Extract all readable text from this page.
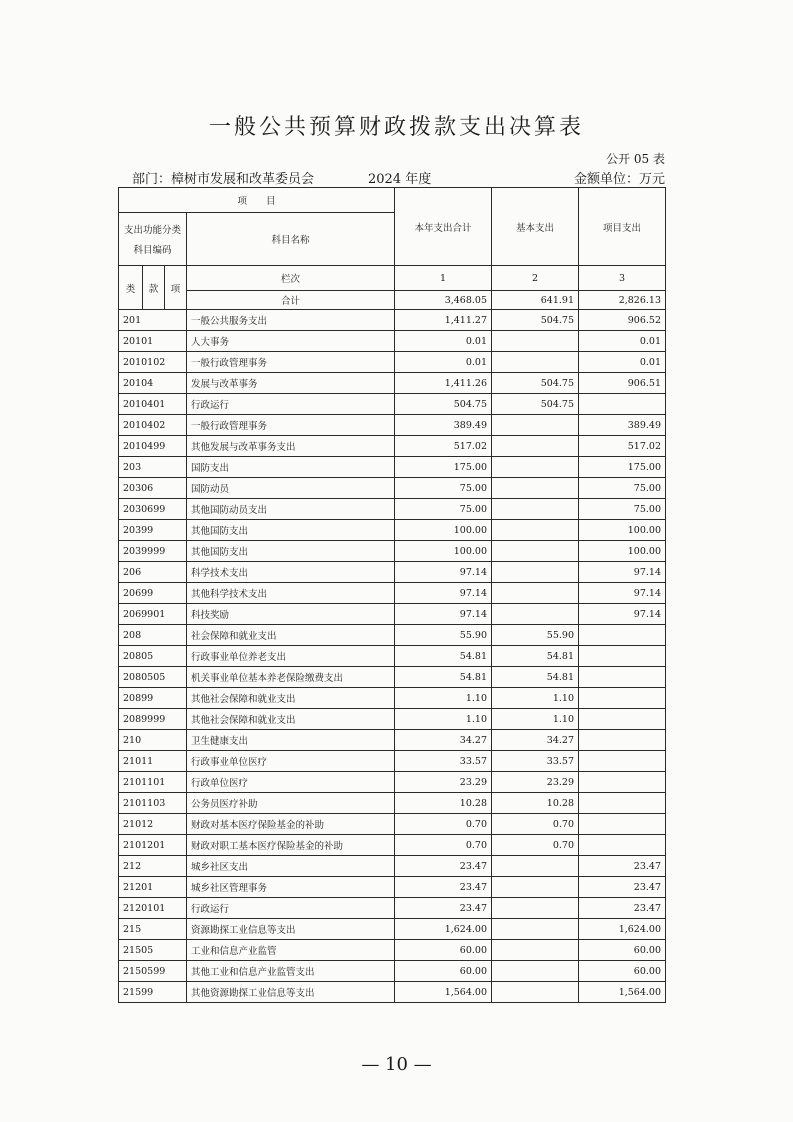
一般公共预算财政拨款支出决算表
公开 05 表
部门：樟树市发展和改革委员会	2024 年度	金额单位：万元
项　　目				本年支出合计	基本支出	项目支出

支出功能分类
科目编码			科目名称			
类	款	项	栏次	1	2	3
			合计	3,468.05	641.91	2,826.13
201			一般公共服务支出	1,411.27	504.75	906.52
20101			人大事务	0.01		0.01
2010102			一般行政管理事务	0.01		0.01
20104			发展与改革事务	1,411.26	504.75	906.51
2010401			行政运行	504.75	504.75	
2010402			一般行政管理事务	389.49		389.49
2010499			其他发展与改革事务支出	517.02		517.02
203			国防支出	175.00		175.00
20306			国防动员	75.00		75.00
2030699			其他国防动员支出	75.00		75.00
20399			其他国防支出	100.00		100.00
2039999			其他国防支出	100.00		100.00
206			科学技术支出	97.14		97.14
20699			其他科学技术支出	97.14		97.14
2069901			科技奖励	97.14		97.14
208			社会保障和就业支出	55.90	55.90	
20805			行政事业单位养老支出	54.81	54.81	
2080505			机关事业单位基本养老保险缴费支出	54.81	54.81	
20899			其他社会保障和就业支出	1.10	1.10	
2089999			其他社会保障和就业支出	1.10	1.10	
210			卫生健康支出	34.27	34.27	
21011			行政事业单位医疗	33.57	33.57	
2101101			行政单位医疗	23.29	23.29	
2101103			公务员医疗补助	10.28	10.28	
21012			财政对基本医疗保险基金的补助	0.70	0.70	
2101201			财政对职工基本医疗保险基金的补助	0.70	0.70	
212			城乡社区支出	23.47		23.47
21201			城乡社区管理事务	23.47		23.47
2120101			行政运行	23.47		23.47
215			资源勘探工业信息等支出	1,624.00		1,624.00
21505			工业和信息产业监管	60.00		60.00
2150599			其他工业和信息产业监管支出	60.00		60.00
21599			其他资源勘探工业信息等支出	1,564.00		1,564.00
— 10 —
